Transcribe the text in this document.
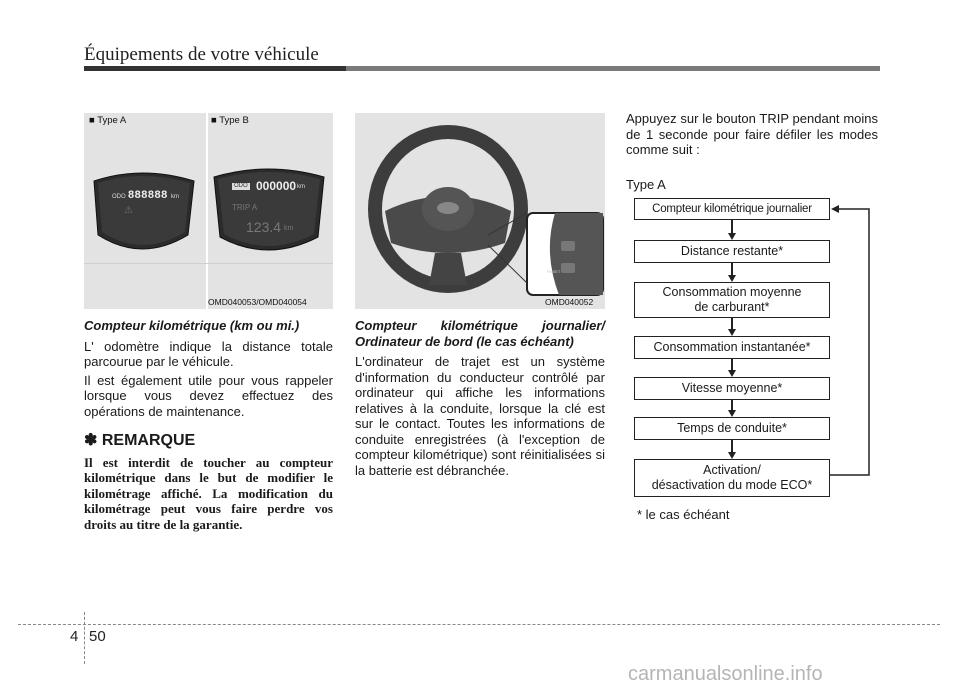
Équipements de votre véhicule
⚠
ODO 888888 km
ODO 000000 km
TRIP A
123.4 km
■ Type A	■ Type B
OMD040053/OMD040054
RESET
OMD040052
Compteur kilométrique (km ou mi.)

L' odomètre indique la distance totale parcourue par le véhicule.

Il est également utile pour vous rappeler lorsque vous devez effectuez des opérations de maintenance.

✽ REMARQUE
Il est interdit de toucher au compteur kilométrique dans le but de modifier le kilométrage affiché. La modification du kilométrage peut vous faire perdre vos droits au titre de la garantie.
Compteur kilométrique journalier/ Ordinateur de bord (le cas échéant)

L'ordinateur de trajet est un système d'information du conducteur contrôlé par ordinateur qui affiche les informations relatives à la conduite, lorsque la clé est sur le contact. Toutes les informations de conduite enregistrées (à l'exception de compteur kilométrique) sont réinitialisées si la batterie est débranchée.

Appuyez sur le bouton TRIP pendant moins de 1 seconde pour faire défiler les modes comme suit :

Type A
Compteur kilométrique journalier
Distance restante*
Consommation moyenne
de carburant*
Consommation instantanée*
Vitesse moyenne*
Temps de conduite*
Activation/
désactivation du mode ECO*
* le cas échéant
4 50
carmanualsonline.info
